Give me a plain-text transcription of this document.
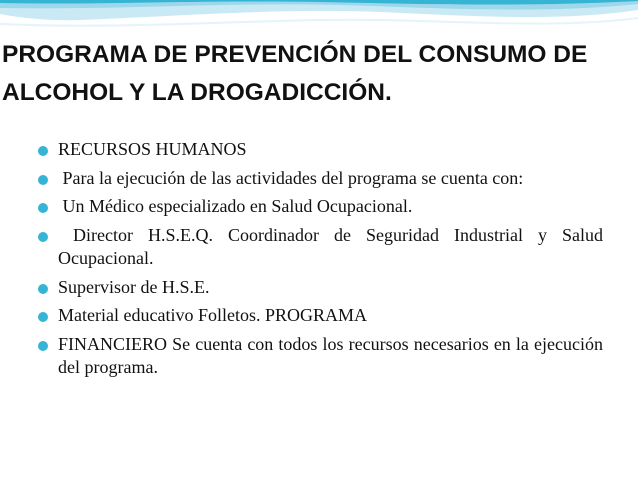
PROGRAMA DE PREVENCIÓN DEL CONSUMO DE
ALCOHOL Y LA DROGADICCIÓN.
RECURSOS HUMANOS
Para la ejecución de las actividades del programa se cuenta con:
Un Médico especializado en Salud Ocupacional.
Director H.S.E.Q. Coordinador de Seguridad Industrial y Salud Ocupacional.
Supervisor de H.S.E.
Material educativo Folletos. PROGRAMA
FINANCIERO Se cuenta con todos los recursos necesarios en la ejecución del programa.
